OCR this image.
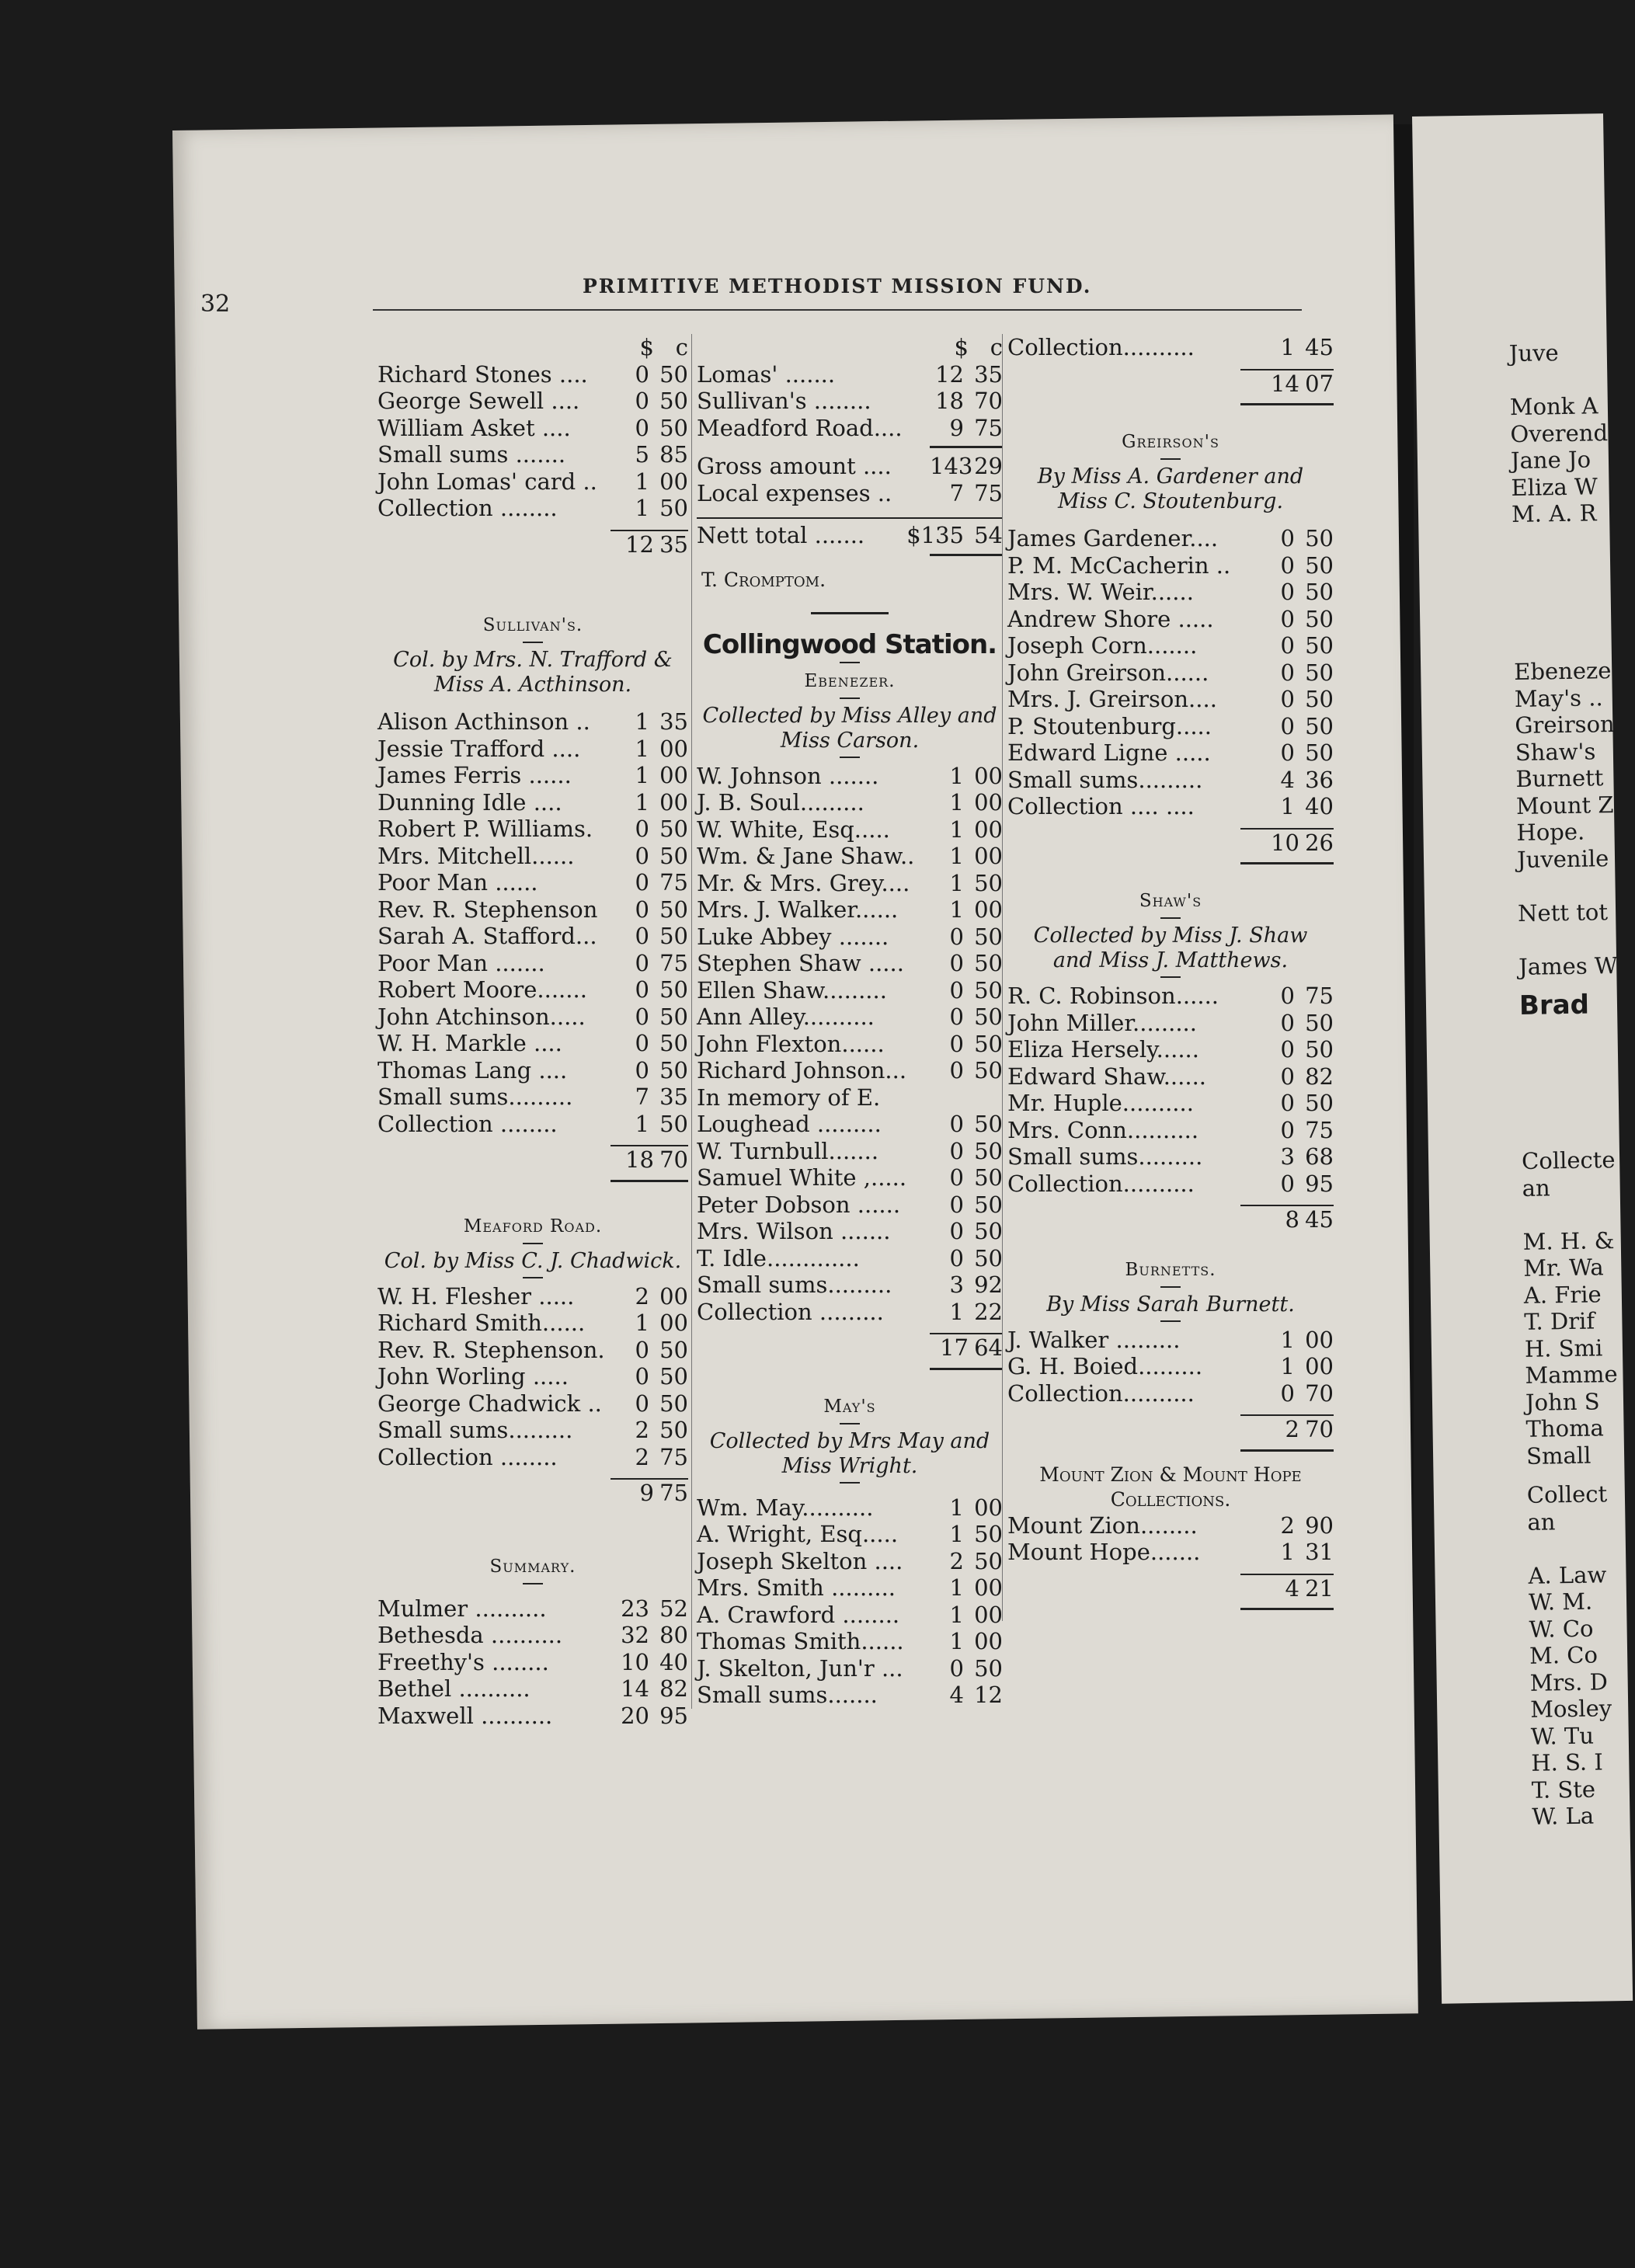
Juve
Monk A
Overend
Jane Jo
Eliza W
M. A. R
Ebeneze
May's ..
Greirson
Shaw's
Burnett
Mount Z
Hope.
Juvenile
Nett tot
James W
Brad
Collecte
an
M. H. &
Mr. Wa
A. Frie
T. Drif
H. Smi
Mamme
John S
Thoma
Small
Collect
an
A. Law
W. M.
W. Co
M. Co
Mrs. D
Mosley
W. Tu
H. S. I
T. Ste
W. La
32
PRIMITIVE METHODIST MISSION FUND.
$ c
Richard Stones ....	0 50
George Sewell ....	0 50
William Asket ....	0 50
Small sums .......	5 85
John Lomas' card ..	1 00
Collection ........	1 50
12 35
Sullivan's.
Col. by Mrs. N. Trafford &
Miss A. Acthinson.
Alison Acthinson ..	1 35
Jessie Trafford ....	1 00
James Ferris ......	1 00
Dunning Idle ....	1 00
Robert P. Williams.	0 50
Mrs. Mitchell......	0 50
Poor Man ......	0 75
Rev. R. Stephenson	0 50
Sarah A. Stafford...	0 50
Poor Man .......	0 75
Robert Moore.......	0 50
John Atchinson.....	0 50
W. H. Markle ....	0 50
Thomas Lang ....	0 50
Small sums.........	7 35
Collection ........	1 50
18 70
Meaford Road.
Col. by Miss C. J. Chadwick.
W. H. Flesher .....	2 00
Richard Smith......	1 00
Rev. R. Stephenson.	0 50
John Worling .....	0 50
George Chadwick ..	0 50
Small sums.........	2 50
Collection ........	2 75
9 75
Summary.
Mulmer ..........	23 52
Bethesda ..........	32 80
Freethy's ........	10 40
Bethel ..........	14 82
Maxwell ..........	20 95
$ c
Lomas' .......	12 35
Sullivan's ........	18 70
Meadford Road....	9 75
Gross amount ....	143 29
Local expenses ..	7 75
Nett total .......	$135 54
T. Cromptom.
Collingwood Station.
Ebenezer.
Collected by Miss Alley and
Miss Carson.
W. Johnson .......	1 00
J. B. Soul.........	1 00
W. White, Esq.....	1 00
Wm. & Jane Shaw..	1 00
Mr. & Mrs. Grey....	1 50
Mrs. J. Walker......	1 00
Luke Abbey .......	0 50
Stephen Shaw .....	0 50
Ellen Shaw.........	0 50
Ann Alley..........	0 50
John Flexton......	0 50
Richard Johnson...	0 50
In memory of E.
Loughead .........	0 50
W. Turnbull.......	0 50
Samuel White ,.....	0 50
Peter Dobson ......	0 50
Mrs. Wilson .......	0 50
T. Idle.............	0 50
Small sums.........	3 92
Collection .........	1 22
17 64
May's
Collected by Mrs May and
Miss Wright.
Wm. May..........	1 00
A. Wright, Esq.....	1 50
Joseph Skelton ....	2 50
Mrs. Smith .........	1 00
A. Crawford ........	1 00
Thomas Smith......	1 00
J. Skelton, Jun'r ...	0 50
Small sums.......	4 12
Collection..........	1 45
14 07
Greirson's
By Miss A. Gardener and
Miss C. Stoutenburg.
James Gardener....	0 50
P. M. McCacherin ..	0 50
Mrs. W. Weir......	0 50
Andrew Shore .....	0 50
Joseph Corn.......	0 50
John Greirson......	0 50
Mrs. J. Greirson....	0 50
P. Stoutenburg.....	0 50
Edward Ligne .....	0 50
Small sums.........	4 36
Collection .... ....	1 40
10 26
Shaw's
Collected by Miss J. Shaw
and Miss J. Matthews.
R. C. Robinson......	0 75
John Miller.........	0 50
Eliza Hersely......	0 50
Edward Shaw......	0 82
Mr. Huple..........	0 50
Mrs. Conn..........	0 75
Small sums.........	3 68
Collection..........	0 95
8 45
Burnetts.
By Miss Sarah Burnett.
J. Walker .........	1 00
G. H. Boied.........	1 00
Collection..........	0 70
2 70
Mount Zion & Mount Hope
Collections.
Mount Zion........	2 90
Mount Hope.......	1 31
4 21
